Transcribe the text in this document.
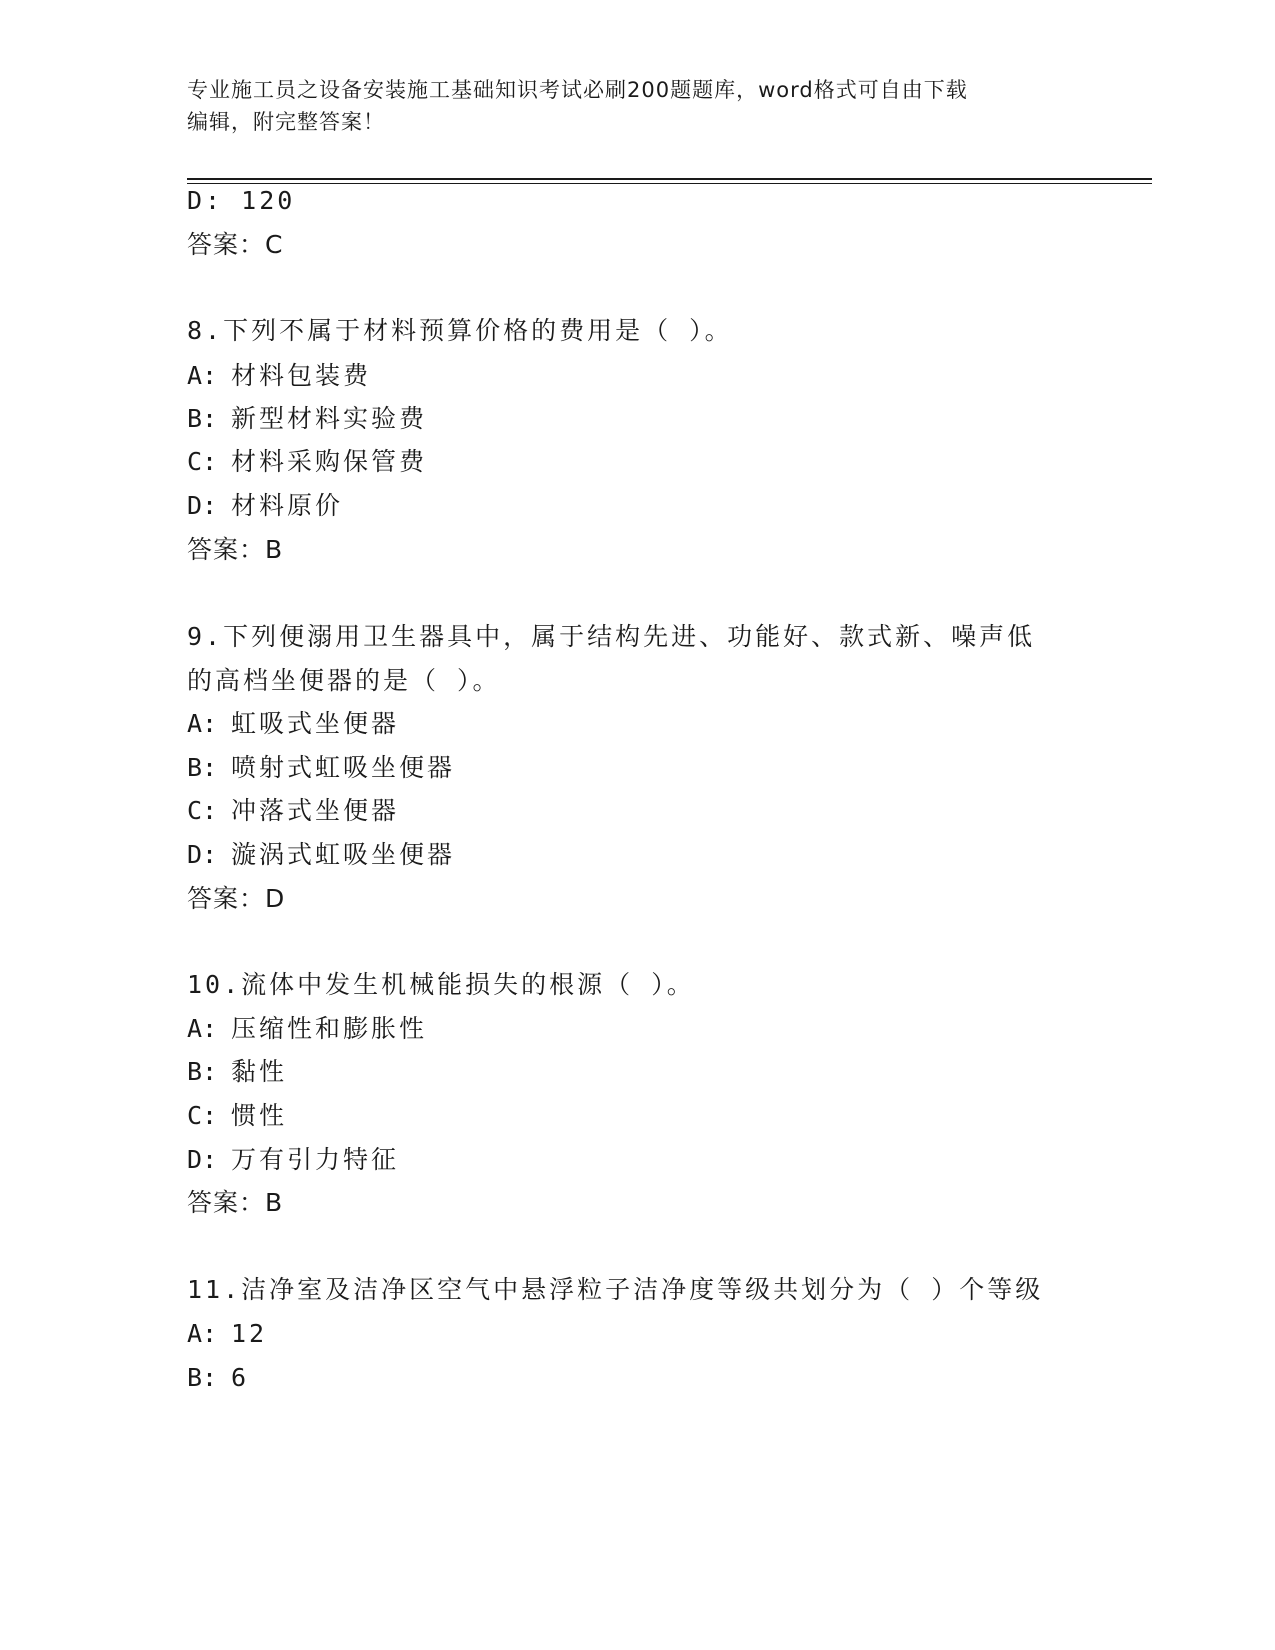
专业施工员之设备安装施工基础知识考试必刷200题题库，word格式可自由下载
编辑，附完整答案！
D: 120
答案：C
8.下列不属于材料预算价格的费用是（ ）。
A: 材料包装费
B: 新型材料实验费
C: 材料采购保管费
D: 材料原价
答案：B
9.下列便溺用卫生器具中，属于结构先进、功能好、款式新、噪声低
的高档坐便器的是（ ）。
A: 虹吸式坐便器
B: 喷射式虹吸坐便器
C: 冲落式坐便器
D: 漩涡式虹吸坐便器
答案：D
10.流体中发生机械能损失的根源（ ）。
A: 压缩性和膨胀性
B: 黏性
C: 惯性
D: 万有引力特征
答案：B
11.洁净室及洁净区空气中悬浮粒子洁净度等级共划分为（ ）个等级
A: 12
B: 6
